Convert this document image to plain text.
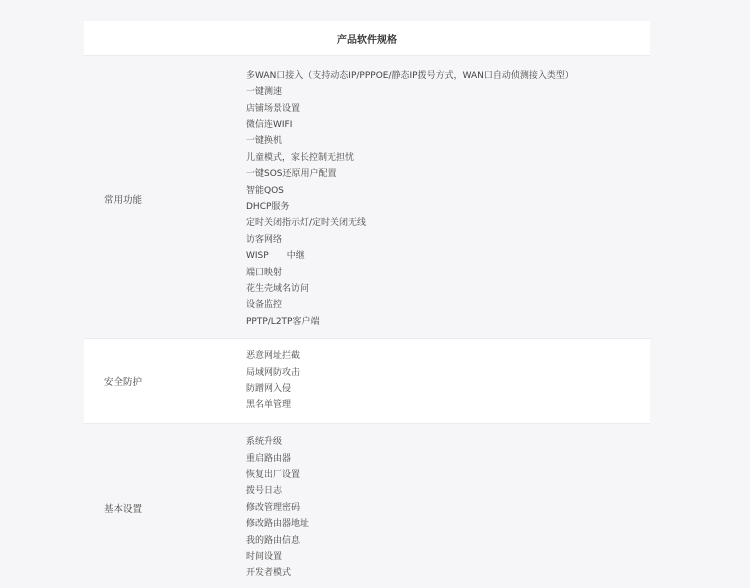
产品软件规格
常用功能
多WAN口接入（支持动态IP/PPPOE/静态IP拨号方式，WAN口自动侦测接入类型）
一键测速
店铺场景设置
微信连WIFI
一键换机
儿童模式，家长控制无担忧
一键SOS还原用户配置
智能QOS
DHCP服务
定时关闭指示灯/定时关闭无线
访客网络
WISP　　中继
端口映射
花生壳域名访问
设备监控
PPTP/L2TP客户端
安全防护
恶意网址拦截
局域网防攻击
防蹭网入侵
黑名单管理
基本设置
系统升级
重启路由器
恢复出厂设置
拨号日志
修改管理密码
修改路由器地址
我的路由信息
时间设置
开发者模式
